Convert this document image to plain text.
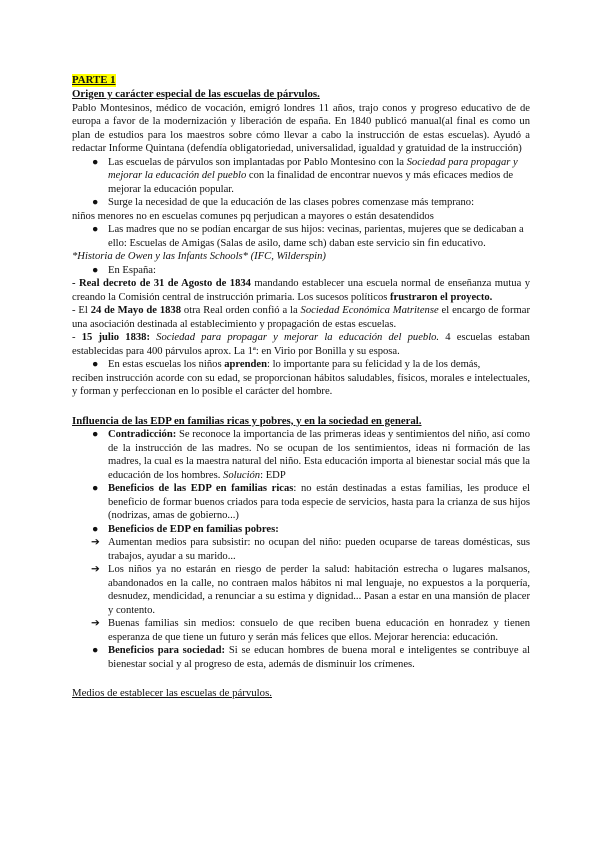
PARTE 1
Origen y carácter especial de las escuelas de párvulos.

Pablo Montesinos, médico de vocación, emigró londres 11 años, trajo conos y progreso educativo de de europa a favor de la modernización y liberación de españa. En 1840 publicó manual(al final es como un plan de estudios para los maestros sobre cómo llevar a cabo la instrucción de estas escuelas). Ayudó a redactar Informe Quintana (defendía obligatoriedad, universalidad, igualdad y gratuidad de la instrucción)

● Las escuelas de párvulos son implantadas por Pablo Montesino con la Sociedad para propagar y mejorar la educación del pueblo con la finalidad de encontrar nuevos y más eficaces medios de mejorar la educación popular.
● Surge la necesidad de que la educación de las clases pobres comenzase más temprano:

niños menores no en escuelas comunes pq perjudican a mayores o están desatendidos

● Las madres que no se podían encargar de sus hijos: vecinas, parientas, mujeres que se dedicaban a ello: Escuelas de Amigas (Salas de asilo, dame sch) daban este servicio sin fin educativo.

*Historia de Owen y las Infants Schools* (IFC, Wilderspin)

● En España:

- Real decreto de 31 de Agosto de 1834 mandando establecer una escuela normal de enseñanza mutua y creando la Comisión central de instrucción primaria. Los sucesos políticos frustraron el proyecto.

- El 24 de Mayo de 1838 otra Real orden confió a la Sociedad Económica Matritense el encargo de formar una asociación destinada al establecimiento y propagación de estas escuelas.

- 15 julio 1838: Sociedad para propagar y mejorar la educación del pueblo. 4 escuelas estaban establecidas para 400 párvulos aprox. La 1ª: en Virio por Bonilla y su esposa.

● En estas escuelas los niños aprenden: lo importante para su felicidad y la de los demás,

reciben instrucción acorde con su edad, se proporcionan hábitos saludables, físicos, morales e intelectuales, y forman y perfeccionan en lo posible el carácter del hombre.

Influencia de las EDP en familias ricas y pobres, y en la sociedad en general.
● Contradicción: Se reconoce la importancia de las primeras ideas y sentimientos del niño, así como de la instrucción de las madres. No se ocupan de los sentimientos, ideas ni formación de las madres, la cual es la maestra natural del niño. Esta educación importa al bienestar social más que la educación de los hombres. Solución: EDP
● Beneficios de las EDP en familias ricas: no están destinadas a estas familias, les produce el beneficio de formar buenos criados para toda especie de servicios, hasta para la crianza de sus hijos (nodrizas, amas de gobierno...)
● Beneficios de EDP en familias pobres:
➔ Aumentan medios para subsistir: no ocupan del niño: pueden ocuparse de tareas domésticas, sus trabajos, ayudar a su marido...
➔ Los niños ya no estarán en riesgo de perder la salud: habitación estrecha o lugares malsanos, abandonados en la calle, no contraen malos hábitos ni mal lenguaje, no expuestos a la porquería, desnudez, mendicidad, a renunciar a su estima y dignidad... Pasan a estar en una mansión de placer y contento.
➔ Buenas familias sin medios: consuelo de que reciben buena educación en honradez y tienen esperanza de que tiene un futuro y serán más felices que ellos. Mejorar herencia: educación.
● Beneficios para sociedad: Si se educan hombres de buena moral e inteligentes se contribuye al bienestar social y al progreso de esta, además de disminuir los crímenes.
Medios de establecer las escuelas de párvulos.
